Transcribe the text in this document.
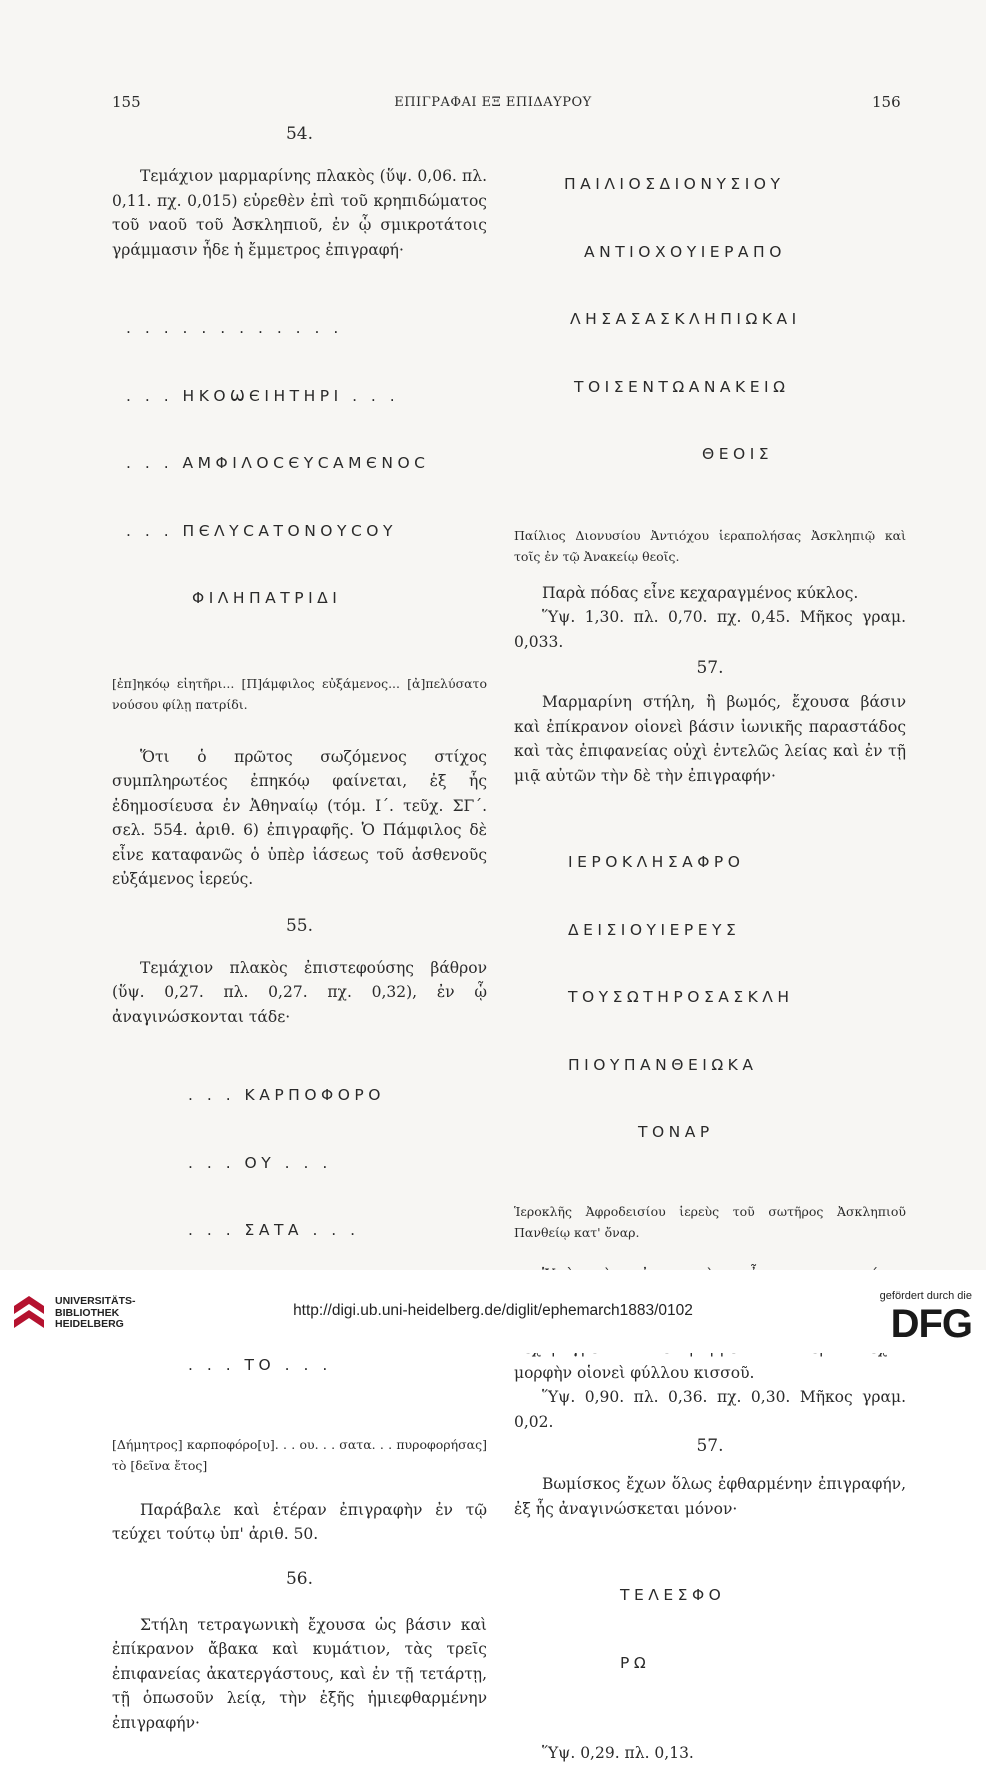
155	ΕΠΙΓΡΑΦΑΙ ΕΞ ΕΠΙΔΑΥΡΟΥ	156
54.

Τεμάχιον μαρμαρίνης πλακὸς (ὕψ. 0,06. πλ. 0,11. πχ. 0,015) εὑρεθὲν ἐπὶ τοῦ κρηπιδώματος τοῦ ναοῦ τοῦ Ἀσκληπιοῦ, ἐν ᾧ σμικροτάτοις γράμμασιν ἦδε ἡ ἔμμετρος ἐπιγραφή·

. . . . . . . . . . . .

. . . ΗΚΟѠЄΙΗΤΗΡΙ . . .

. . . ΑΜΦΙΛΟϹЄΥϹΑΜЄΝΟϹ

. . . ΠЄΛΥϹΑΤΟΝΟΥϹΟΥ

ΦΙΛΗΠΑΤΡΙΔΙ

[ἐπ]ηκόῳ εἰητῆρι... [Π]άμφιλος εὐξάμενος... [ἀ]πελύσατο νούσου φίλῃ πατρίδι.

Ὅτι ὁ πρῶτος σωζόμενος στίχος συμπληρωτέος ἐπηκόῳ φαίνεται, ἐξ ἧς ἐδημοσίευσα ἐν Ἀθηναίῳ (τόμ. Ι΄. τεῦχ. ΣΓ΄. σελ. 554. ἀριθ. 6) ἐπιγραφῆς. Ὁ Πάμφιλος δὲ εἶνε καταφανῶς ὁ ὑπὲρ ἰάσεως τοῦ ἀσθενοῦς εὐξάμενος ἱερεύς.

55.

Τεμάχιον πλακὸς ἐπιστεφούσης βάθρον (ὕψ. 0,27. πλ. 0,27. πχ. 0,32), ἐν ᾧ ἀναγινώσκονται τάδε·

. . . ΚΑΡΠΟΦΟΡΟ

. . . ΟΥ . . .

. . . ΣΑΤΑ . . .

. . . ΤΟ . . .

[Δήμητρος] καρποφόρο[υ]. . . ου. . . σατα. . . πυροφορήσας] τὸ [δεῖνα ἔτος]

Παράβαλε καὶ ἑτέραν ἐπιγραφὴν ἐν τῷ τεύχει τούτῳ ὑπ' ἀριθ. 50.

56.

Στήλη τετραγωνικὴ ἔχουσα ὡς βάσιν καὶ ἐπίκρανον ἄβακα καὶ κυμάτιον, τὰς τρεῖς ἐπιφανείας ἀκατεργάστους, καὶ ἐν τῇ τετάρτῃ, τῇ ὁπωσοῦν λείᾳ, τὴν ἑξῆς ἡμιεφθαρμένην ἐπιγραφήν·

ΠΑΙΛΙΟΣΔΙΟΝΥΣΙΟΥ

ΑΝΤΙΟΧΟΥΙΕΡΑΠΟ

ΛΗΣΑΣΑΣΚΛΗΠΙΩΚΑΙ

ΤΟΙΣΕΝΤΩΑΝΑΚΕΙΩ

ΘΕΟΙΣ

Παίλιος Διονυσίου Ἀντιόχου ἱεραπολήσας Ἀσκληπιῷ καὶ τοῖς ἐν τῷ Ἀνακείῳ θεοῖς.

Παρὰ πόδας εἶνε κεχαραγμένος κύκλος.

Ὕψ. 1,30. πλ. 0,70. πχ. 0,45. Μῆκος γραμ. 0,033.

57.

Μαρμαρίνη στήλη, ἢ βωμός, ἔχουσα βάσιν καὶ ἐπίκρανον οἱονεὶ βάσιν ἰωνικῆς παραστάδος καὶ τὰς ἐπιφανείας οὐχὶ ἐντελῶς λείας καὶ ἐν τῇ μιᾷ αὐτῶν τὴν δὲ τὴν ἐπιγραφήν·

ΙΕΡΟΚΛΗΣΑΦΡΟ

ΔΕΙΣΙΟΥΙΕΡΕΥΣ

ΤΟΥΣΩΤΗΡΟΣΑΣΚΛΗ

ΠΙΟΥΠΑΝΘΕΙΩΚΑ

ΤΟΝΑΡ

Ἱεροκλῆς Ἀφροδεισίου ἱερεὺς τοῦ σωτῆρος Ἀσκληπιοῦ Πανθείῳ κατ' ὄναρ.

μορφὴν οἱονεὶ φύλλου κισσοῦ.

Ὕψ. 0,90. πλ. 0,36. πχ. 0,30. Μῆκος γραμ. 0,02.

57.

Βωμίσκος ἔχων ὅλως ἐφθαρμένην ἐπιγραφήν, ἐξ ἧς ἀναγινώσκεται μόνον·

ΤΕΛΕΣΦΟ

ΡΩ

Ὕψ. 0,29. πλ. 0,13.

UNIVERSITÄTS-
BIBLIOTHEK
HEIDELBERG
http://digi.ub.uni-heidelberg.de/diglit/ephemarch1883/0102
gefördert durch die
DFG
